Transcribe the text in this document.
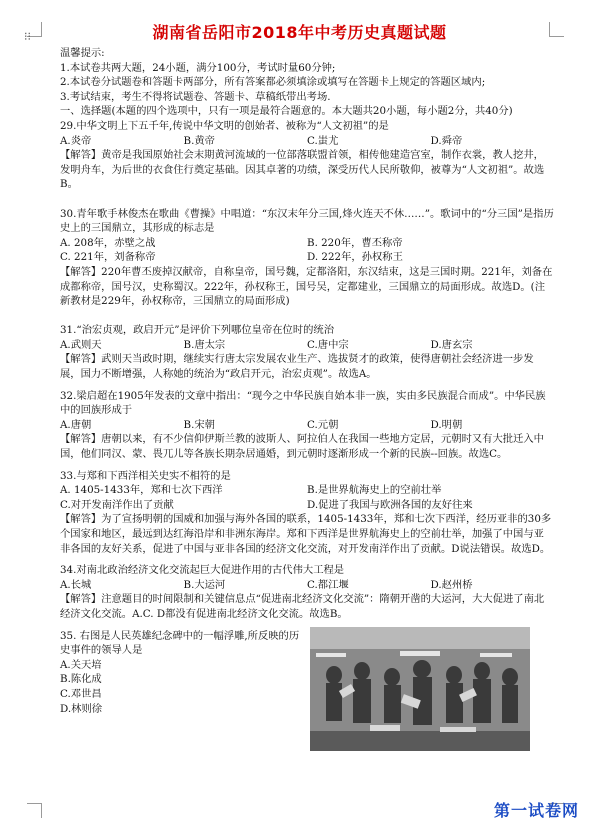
⁝⁝	湖南省岳阳市2018年中考历史真题试题

温馨提示:

1.本试卷共两大题，24小题，满分100分，考试时量60分钟;

2.本试卷分试题卷和答题卡两部分，所有答案都必须填涂或填写在答题卡上规定的答题区域内;

3.考试结束，考生不得将试题卷、答题卡、草稿纸带出考场.

一、选择题(本题的四个选项中，只有一项是最符合题意的。本大题共20小题，每小题2分，共40分)

29.中华文明上下五千年,传说中华文明的创始者、被称为“人文初祖”的是

A.炎帝	B.黄帝	C.蚩尤	D.舜帝

【解答】黄帝是我国原始社会末期黄河流域的一位部落联盟首领，相传他建造宫室，制作衣裳，教人挖井，发明舟车，为后世的衣食住行奠定基础。因其卓著的功绩，深受历代人民所敬仰，被尊为“人文初祖”。故选B。

30.青年歌手林俊杰在歌曲《曹操》中唱道：“东汉末年分三国,烽火连天不休……”。歌词中的“分三国”是指历史上的三国鼎立，其形成的标志是

A. 208年，赤壁之战	B. 220年，曹丕称帝
C. 221年，刘备称帝	D. 222年，孙权称王

【解答】220年曹丕废掉汉献帝，自称皇帝，国号魏，定都洛阳，东汉结束，这是三国时期。221年，刘备在成都称帝，国号汉，史称蜀汉。222年，孙权称王，国号吴，定都建业，三国鼎立的局面形成。故选D。(注新教材是229年，孙权称帝，三国鼎立的局面形成)

31.“治宏贞观，政启开元”是评价下列哪位皇帝在位时的统治

A.武则天	B.唐太宗	C.唐中宗	D.唐玄宗

【解答】武则天当政时期，继续实行唐太宗发展农业生产、选拔贤才的政策，使得唐朝社会经济进一步发展，国力不断增强，人称她的统治为“政启开元，治宏贞观”。故选A。

32.梁启超在1905年发表的文章中指出：“现今之中华民族自始本非一族，实由多民族混合而成”。中华民族中的回族形成于

A.唐朝	B.宋朝	C.元朝	D.明朝

【解答】唐朝以来，有不少信仰伊斯兰教的波斯人、阿拉伯人在我国一些地方定居，元朝时又有大批迁入中国，他们同汉、蒙、畏兀儿等各族长期杂居通婚，到元朝时逐渐形成一个新的民族--回族。故选C。

33.与郑和下西洋相关史实不相符的是

A. 1405-1433年，郑和七次下西洋	B.是世界航海史上的空前壮举
C.对开发南洋作出了贡献	D.促进了我国与欧洲各国的友好往来

【解答】为了宣扬明朝的国威和加强与海外各国的联系，1405-1433年，郑和七次下西洋，经历亚非的30多个国家和地区，最远到达红海沿岸和非洲东海岸。郑和下西洋是世界航海史上的空前壮举，加强了中国与亚非各国的友好关系，促进了中国与亚非各国的经济文化交流，对开发南洋作出了贡献。D说法错误。故选D。

34.对南北政治经济文化交流起巨大促进作用的古代伟大工程是

A.长城	B.大运河	C.都江堰	D.赵州桥

【解答】注意题目的时间限制和关键信息点“促进南北经济文化交流”：隋朝开凿的大运河，大大促进了南北经济文化交流。A.C. D都没有促进南北经济文化交流。故选B。

35. 右图是人民英雄纪念碑中的一幅浮雕,所反映的历史事件的领导人是

A.关天培

B.陈化成

C.邓世昌

D.林则徐

第一试卷网
